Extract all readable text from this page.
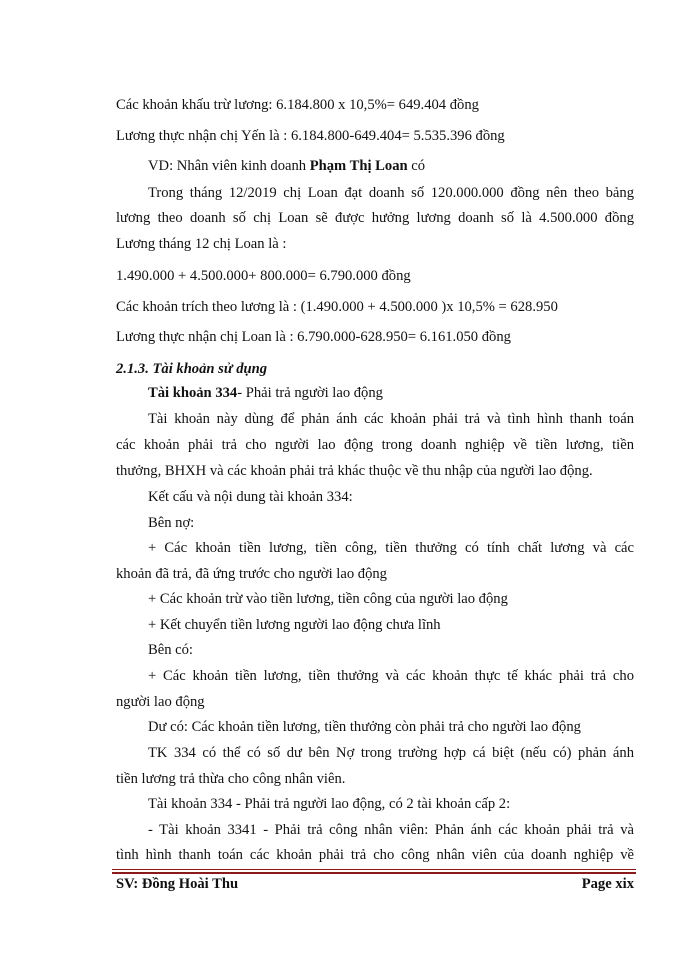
Các khoản khấu trừ lương: 6.184.800 x 10,5%= 649.404 đồng
Lương thực nhận chị Yến là : 6.184.800-649.404= 5.535.396 đồng
VD: Nhân viên kinh doanh Phạm Thị Loan có
Trong tháng 12/2019 chị Loan đạt doanh số 120.000.000 đồng nên theo bảng
lương theo doanh số chị Loan sẽ được hưởng lương doanh số là 4.500.000 đồng
Lương tháng 12 chị Loan là :
1.490.000 + 4.500.000+ 800.000= 6.790.000 đồng
Các khoản trích theo lương là : (1.490.000 + 4.500.000 )x 10,5% = 628.950
Lương thực nhận chị Loan là : 6.790.000-628.950= 6.161.050 đồng
2.1.3. Tài khoản sử dụng
Tài khoản 334- Phải trả người lao động
Tài khoản này dùng để phản ánh các khoản phải trả và tình hình thanh toán
các khoản phải trả cho người lao động trong doanh nghiệp về tiền lương, tiền
thưởng, BHXH và các khoản phải trả khác thuộc về thu nhập của người lao động.
Kết cấu và nội dung tài khoản 334:
Bên nợ:
+ Các khoản tiền lương, tiền công, tiền thưởng có tính chất lương và các
khoản đã trả, đã ứng trước cho người lao động
+ Các khoản trừ vào tiền lương, tiền công của người lao động
+ Kết chuyển tiền lương người lao động chưa lĩnh
Bên có:
+ Các khoản tiền lương, tiền thưởng và các khoản thực tế khác phải trả cho
người lao động
Dư có: Các khoản tiền lương, tiền thưởng còn phải trả cho người lao động
TK 334 có thể có số dư bên Nợ trong trường hợp cá biệt (nếu có) phản ánh
tiền lương trả thừa cho công nhân viên.
Tài khoản 334 - Phải trả người lao động, có 2 tài khoản cấp 2:
- Tài khoản 3341 - Phải trả công nhân viên: Phản ánh các khoản phải trả và
tình hình thanh toán các khoản phải trả cho công nhân viên của doanh nghiệp về
SV: Đồng Hoài Thu	Page xix
